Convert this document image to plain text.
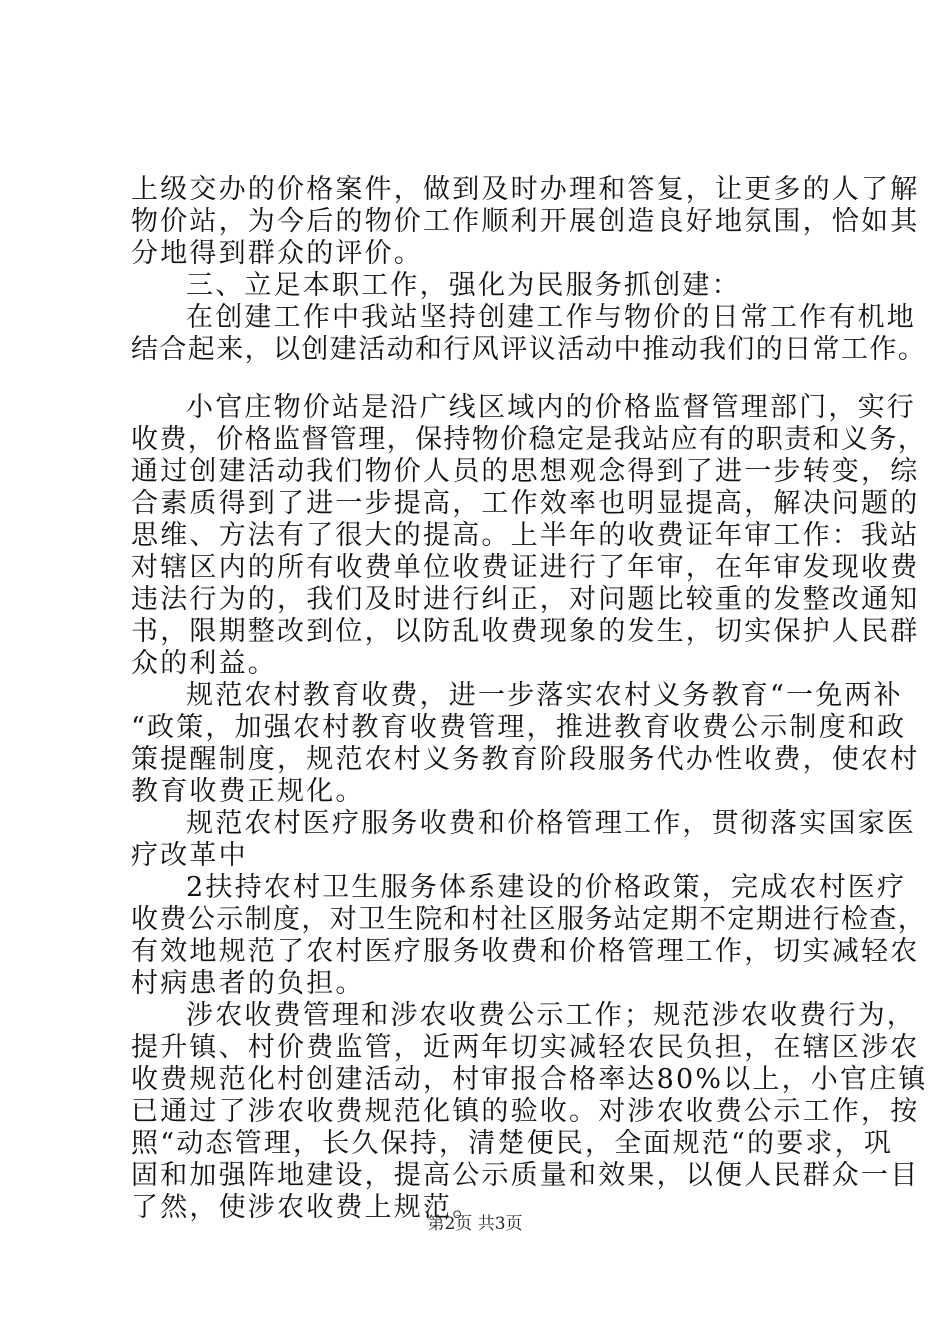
上级交办的价格案件，做到及时办理和答复，让更多的人了解
物价站，为今后的物价工作顺利开展创造良好地氛围，恰如其
分地得到群众的评价。
三、立足本职工作，强化为民服务抓创建：
在创建工作中我站坚持创建工作与物价的日常工作有机地
结合起来，以创建活动和行风评议活动中推动我们的日常工作。
小官庄物价站是沿广线区域内的价格监督管理部门，实行
收费，价格监督管理，保持物价稳定是我站应有的职责和义务，
通过创建活动我们物价人员的思想观念得到了进一步转变，综
合素质得到了进一步提高，工作效率也明显提高，解决问题的
思维、方法有了很大的提高。上半年的收费证年审工作：我站
对辖区内的所有收费单位收费证进行了年审，在年审发现收费
违法行为的，我们及时进行纠正，对问题比较重的发整改通知
书，限期整改到位，以防乱收费现象的发生，切实保护人民群
众的利益。
规范农村教育收费，进一步落实农村义务教育“一免两补
“政策，加强农村教育收费管理，推进教育收费公示制度和政
策提醒制度，规范农村义务教育阶段服务代办性收费，使农村
教育收费正规化。
规范农村医疗服务收费和价格管理工作，贯彻落实国家医
疗改革中
2扶持农村卫生服务体系建设的价格政策，完成农村医疗
收费公示制度，对卫生院和村社区服务站定期不定期进行检查，
有效地规范了农村医疗服务收费和价格管理工作，切实减轻农
村病患者的负担。
涉农收费管理和涉农收费公示工作；规范涉农收费行为，
提升镇、村价费监管，近两年切实减轻农民负担，在辖区涉农
收费规范化村创建活动，村审报合格率达80%以上，小官庄镇
已通过了涉农收费规范化镇的验收。对涉农收费公示工作，按
照“动态管理，长久保持，清楚便民，全面规范“的要求，巩
固和加强阵地建设，提高公示质量和效果，以便人民群众一目
了然，使涉农收费上规范。
第2页 共3页
